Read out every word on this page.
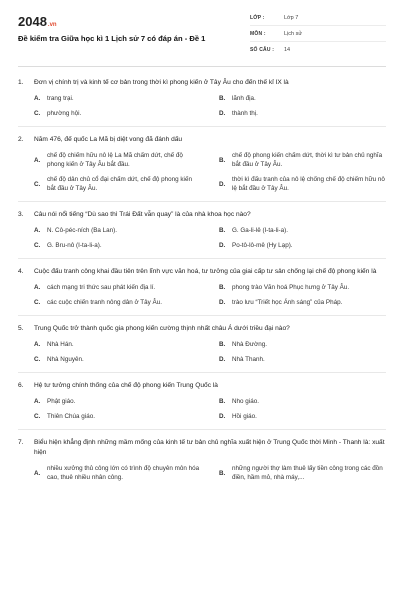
2048.vn
Đề kiểm tra Giữa học kì 1 Lịch sử 7 có đáp án - Đề 1
LỚP :	Lớp 7
MÔN :	Lịch sử
SỐ CÂU :	14
1.	Đơn vị chính trị và kinh tế cơ bản trong thời kì phong kiến ở Tây Âu cho đến thế kỉ IX là
A.	trang trại.	B.	lãnh địa.
C.	phường hội.	D.	thành thị.
2.	Năm 476, đế quốc La Mã bị diệt vong đã đánh dấu
A.
chế độ chiếm hữu nô lệ La Mã chấm dứt, chế độ phong kiến ở Tây Âu bắt đầu.
B.
chế độ phong kiến chấm dứt, thời kì tư bản chủ nghĩa bắt đầu ở Tây Âu.
C.
chế độ dân chủ cổ đại chấm dứt, chế độ phong kiến bắt đầu ở Tây Âu.
D.
thời kì đấu tranh của nô lệ chống chế độ chiếm hữu nô lệ bắt đầu ở Tây Âu.
3.	Câu nói nổi tiếng “Dù sao thì Trái Đất vẫn quay” là của nhà khoa học nào?
A.	N. Cô-péc-ních (Ba Lan).	B.	G. Ga-li-lê (I-ta-li-a).
C.	G. Bru-nô (I-ta-li-a).	D.	Po-tô-lô-mê (Hy Lạp).
4.	Cuộc đấu tranh công khai đầu tiên trên lĩnh vực văn hoá, tư tưởng của giai cấp tư sản chống lại chế độ phong kiến là
A.	cách mạng tri thức sau phát kiến địa lí.	B.	phong trào Văn hoá Phục hưng ở Tây Âu.
C.	các cuộc chiến tranh nông dân ở Tây Âu.	D.	trào lưu “Triết học Ánh sáng” của Pháp.
5.	Trung Quốc trở thành quốc gia phong kiến cường thịnh nhất châu Á dưới triều đại nào?
A.	Nhà Hán.	B.	Nhà Đường.
C.	Nhà Nguyên.	D.	Nhà Thanh.
6.	Hệ tư tưởng chính thống của chế độ phong kiến Trung Quốc là
A.	Phật giáo.	B.	Nho giáo.
C.	Thiên Chúa giáo.	D.	Hồi giáo.
7.	Biểu hiện khẳng định những mầm mống của kinh tế tư bản chủ nghĩa xuất hiện ở Trung Quốc thời Minh - Thanh là: xuất hiện
A.
nhiều xưởng thủ công lớn có trình độ chuyên môn hóa cao, thuê nhiều nhân công.
B.
những người thợ làm thuê lấy tiền công trong các đồn điền, hầm mỏ, nhà máy,...
